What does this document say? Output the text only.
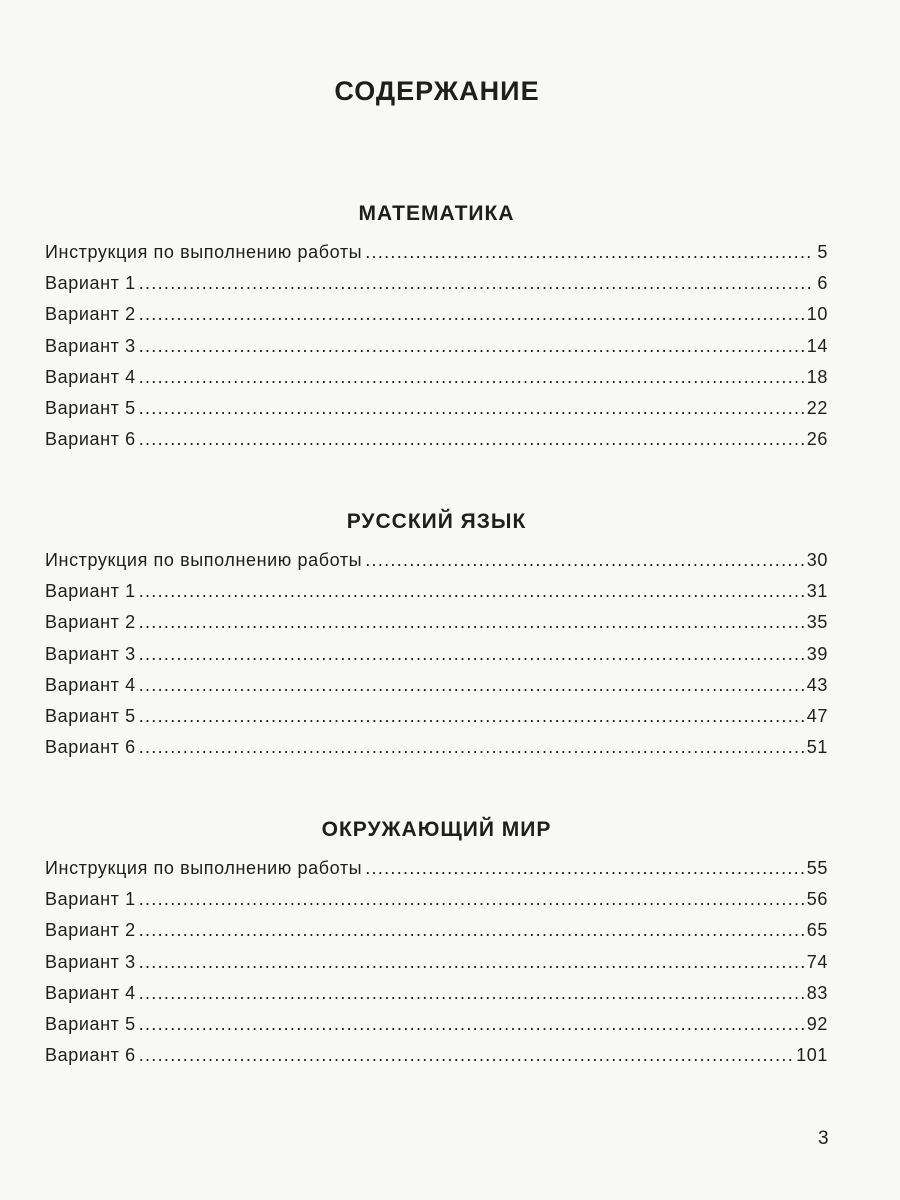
СОДЕРЖАНИЕ
МАТЕМАТИКА
Инструкция по выполнению работы .....	5
Вариант 1 .....	6
Вариант 2 .....	10
Вариант 3 .....	14
Вариант 4 .....	18
Вариант 5 .....	22
Вариант 6 .....	26
РУССКИЙ ЯЗЫК
Инструкция по выполнению работы .....	30
Вариант 1 .....	31
Вариант 2 .....	35
Вариант 3 .....	39
Вариант 4 .....	43
Вариант 5 .....	47
Вариант 6 .....	51
ОКРУЖАЮЩИЙ МИР
Инструкция по выполнению работы .....	55
Вариант 1 .....	56
Вариант 2 .....	65
Вариант 3 .....	74
Вариант 4 .....	83
Вариант 5 .....	92
Вариант 6 .....	101
3
